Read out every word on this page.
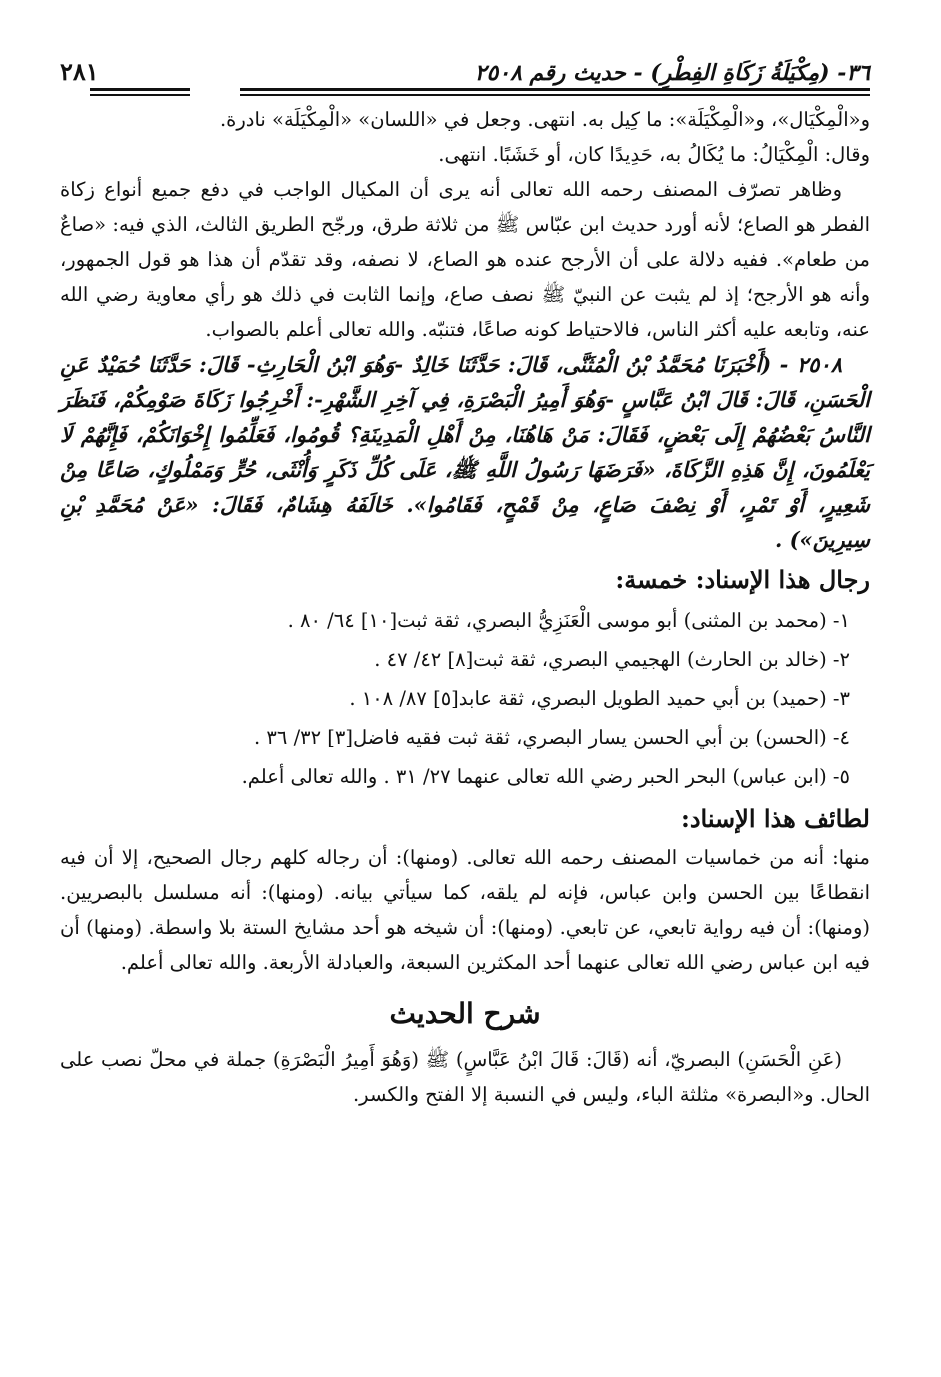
٣٦- (مِكْيَلَةُ زَكَاةِ الفِطْرِ) - حديث رقم ٢٥٠٨
٢٨١

و«الْمِكْيَال»، و«الْمِكْيَلَة»: ما كِيل به. انتهى. وجعل في «اللسان» «الْمِكْيَلَة» نادرة.

وقال: الْمِكْيَالُ: ما يُكَالُ به، حَدِيدًا كان، أو خَشَبًا. انتهى.

وظاهر تصرّف المصنف رحمه الله تعالى أنه يرى أن المكيال الواجب في دفع جميع أنواع زكاة الفطر هو الصاع؛ لأنه أورد حديث ابن عبّاس ﷺ من ثلاثة طرق، ورجّح الطريق الثالث، الذي فيه: «صاعٌ من طعام». ففيه دلالة على أن الأرجح عنده هو الصاع، لا نصفه، وقد تقدّم أن هذا هو قول الجمهور، وأنه هو الأرجح؛ إذ لم يثبت عن النبيّ ﷺ نصف صاع، وإنما الثابت في ذلك هو رأي معاوية رضي الله عنه، وتابعه عليه أكثر الناس، فالاحتياط كونه صاعًا، فتنبّه. والله تعالى أعلم بالصواب.

٢٥٠٨ - (أَخْبَرَنَا مُحَمَّدُ بْنُ الْمُثَنَّى، قَالَ: حَدَّثَنَا خَالِدٌ -وَهُوَ ابْنُ الْحَارِثِ- قَالَ: حَدَّثَنَا حُمَيْدٌ عَنِ الْحَسَنِ، قَالَ: قَالَ ابْنُ عَبَّاسٍ -وَهُوَ أَمِيرُ الْبَصْرَةِ، فِي آخِرِ الشَّهْرِ-: أَخْرِجُوا زَكَاةَ صَوْمِكُمْ، فَنَظَرَ النَّاسُ بَعْضُهُمْ إِلَى بَعْضٍ، فَقَالَ: مَنْ هَاهُنَا، مِنْ أَهْلِ الْمَدِينَةِ؟ قُومُوا، فَعَلِّمُوا إِخْوَانَكُمْ، فَإِنَّهُمْ لَا يَعْلَمُونَ، إِنَّ هَذِهِ الزَّكَاةَ، «فَرَضَهَا رَسُولُ اللَّهِ ﷺ، عَلَى كُلِّ ذَكَرٍ وَأُنْثَى، حُرٍّ وَمَمْلُوكٍ، صَاعًا مِنْ شَعِيرٍ، أَوْ تَمْرٍ، أَوْ نِصْفَ صَاعٍ، مِنْ قَمْحٍ، فَقَامُوا». خَالَفَهُ هِشَامٌ، فَقَالَ: «عَنْ مُحَمَّدِ بْنِ سِيرِينَ») .

رجال هذا الإسناد: خمسة:

١- (محمد بن المثنى) أبو موسى الْعَنَزِيُّ البصري، ثقة ثبت[١٠] ٦٤/ ٨٠ .

٢- (خالد بن الحارث) الهجيمي البصري، ثقة ثبت[٨] ٤٢/ ٤٧ .

٣- (حميد) بن أبي حميد الطويل البصري، ثقة عابد[٥] ٨٧/ ١٠٨ .

٤- (الحسن) بن أبي الحسن يسار البصري، ثقة ثبت فقيه فاضل[٣] ٣٢/ ٣٦ .

٥- (ابن عباس) البحر الحبر رضي الله تعالى عنهما ٢٧/ ٣١ . والله تعالى أعلم.

لطائف هذا الإسناد:

منها: أنه من خماسيات المصنف رحمه الله تعالى. (ومنها): أن رجاله كلهم رجال الصحيح، إلا أن فيه انقطاعًا بين الحسن وابن عباس، فإنه لم يلقه، كما سيأتي بيانه. (ومنها): أنه مسلسل بالبصريين. (ومنها): أن فيه رواية تابعي، عن تابعي. (ومنها): أن شيخه هو أحد مشايخ الستة بلا واسطة. (ومنها) أن فيه ابن عباس رضي الله تعالى عنهما أحد المكثرين السبعة، والعبادلة الأربعة. والله تعالى أعلم.

شرح الحديث

(عَنِ الْحَسَنِ) البصريّ، أنه (قَالَ: قَالَ ابْنُ عَبَّاسٍ) ﷺ (وَهُوَ أَمِيرُ الْبَصْرَةِ) جملة في محلّ نصب على الحال. و«البصرة» مثلثة الباء، وليس في النسبة إلا الفتح والكسر.
